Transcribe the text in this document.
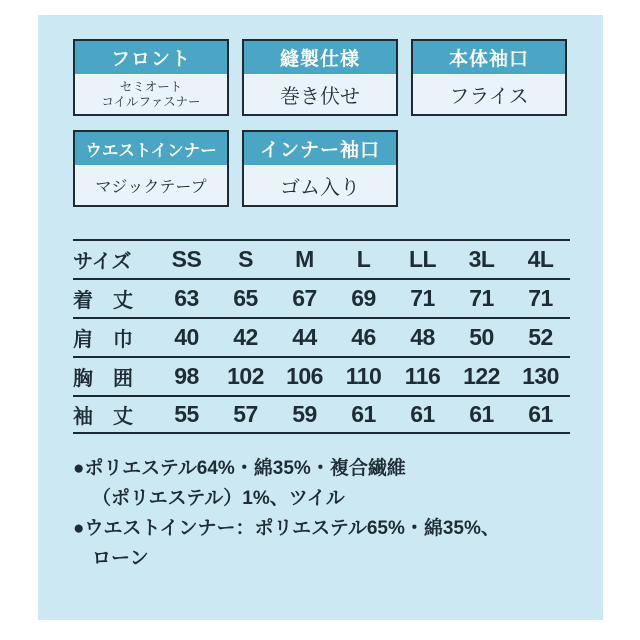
フロント
セミオート
コイルファスナー
縫製仕様
巻き伏せ
本体袖口
フライス
ウエストインナー
マジックテープ
インナー袖口
ゴム入り
サイズ	SS	S	M	L	LL	3L	4L
着　丈	63	65	67	69	71	71	71
肩　巾	40	42	44	46	48	50	52
胸　囲	98	102 106 110	116 122 130
袖　丈	55	57	59	61	61	61	61
●ポリエステル64%・綿35%・複合繊維
（ポリエステル）1%、ツイル
●ウエストインナー：ポリエステル65%・綿35%、
ローン
